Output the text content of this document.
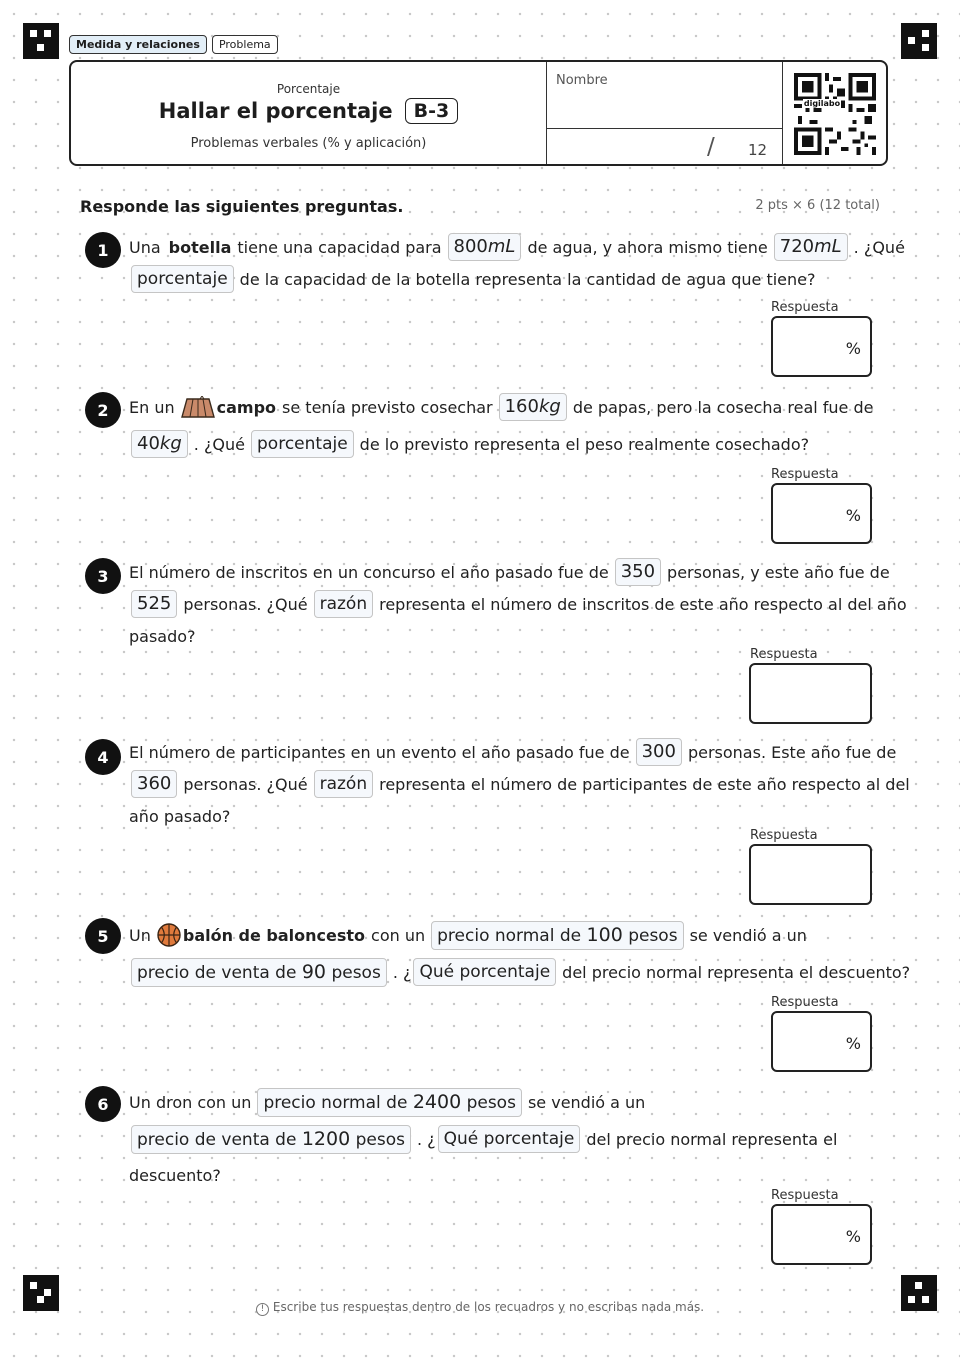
Medida y relaciones	Problema
Porcentaje
Hallar el porcentaje	B-3
Problemas verbales (% y aplicación)
Nombre
/ 12
digilabo
Responde las siguientes preguntas.	2 pts × 6 (12 total)
1	Una botella tiene una capacidad para 800mL de agua, y ahora mismo tiene 720mL . ¿Qué
porcentaje de la capacidad de la botella representa la cantidad de agua que tiene?
Respuesta
%
2	En un	campo se tenía previsto cosechar 160kg de papas, pero la cosecha real fue de
40kg . ¿Qué porcentaje de lo previsto representa el peso realmente cosechado?
Respuesta
%
3	El número de inscritos en un concurso el año pasado fue de 350 personas, y este año fue de
525 personas. ¿Qué razón representa el número de inscritos de este año respecto al del año
pasado?
Respuesta
4	El número de participantes en un evento el año pasado fue de 300 personas. Este año fue de
360 personas. ¿Qué razón representa el número de participantes de este año respecto al del
año pasado?
Respuesta
5	Un balón de baloncesto con un precio normal de 100 pesos se vendió a un
precio de venta de 90 pesos . ¿ Qué porcentaje del precio normal representa el descuento?
Respuesta
%
6	Un dron con un precio normal de 2400 pesos se vendió a un
precio de venta de 1200 pesos . ¿ Qué porcentaje del precio normal representa el
descuento?
Respuesta
%
! Escribe tus respuestas dentro de los recuadros y no escribas nada más.
